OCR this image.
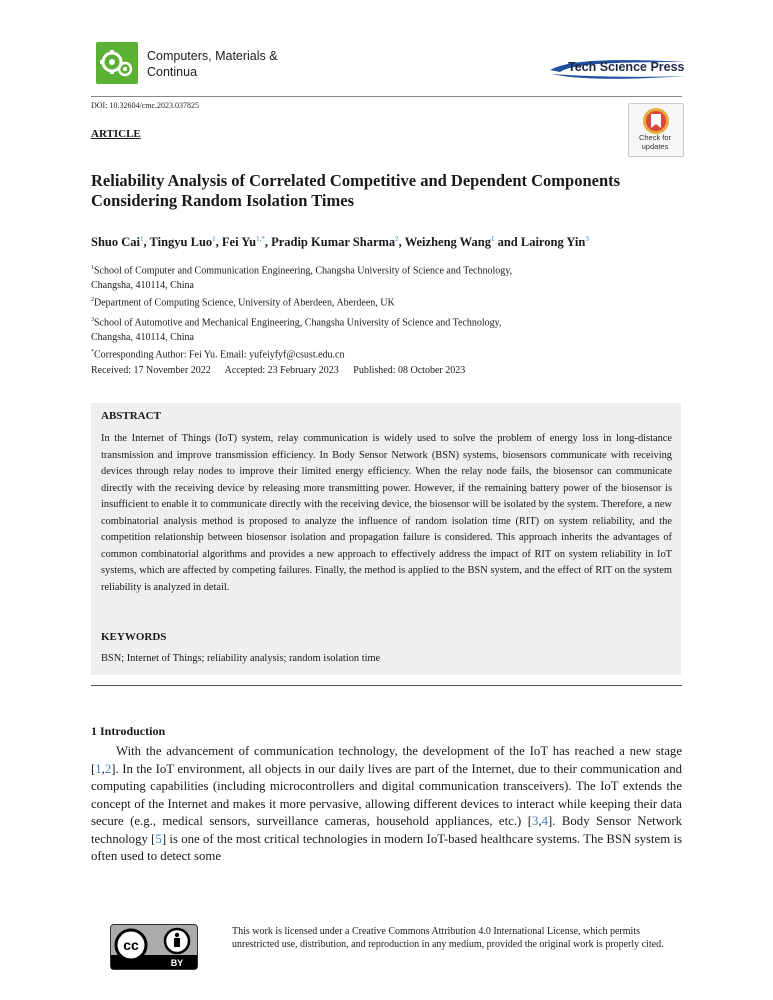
Computers, Materials &
Continua	Tech Science Press
DOI: 10.32604/cmc.2023.037825
ARTICLE	Check for
updates
Reliability Analysis of Correlated Competitive and Dependent Components
Considering Random Isolation Times
Shuo Cai$^1$, Tingyu Luo$^1$, Fei $Yu^{1,*}$, Pradip Kumar Sharma$^2$, Weizheng Wang$^1$ and Lairong Yin$^3$
$^1$School of Computer and Communication Engineering, Changsha University of Science and Technology,
Changsha, 410114, China
$^2$Department of Computing Science, University of Aberdeen, Aberdeen, UK
$^3$School of Automotive and Mechanical Engineering, Changsha University of Science and Technology,
Changsha, 410114, China
*Corresponding Author: Fei Yu. Email: yufeiyfyf@csust.edu.cn
Received: 17 November 2022 Accepted: 23 February 2023 Published: 08 October 2023
ABSTRACT
In the Internet of Things (IoT) system, relay communication is widely used to solve the problem of energy loss in long-distance transmission and improve transmission efficiency. In Body Sensor Network (BSN) systems, biosensors communicate with receiving devices through relay nodes to improve their limited energy efficiency. When the relay node fails, the biosensor can communicate directly with the receiving device by releasing more transmitting power. However, if the remaining battery power of the biosensor is insufficient to enable it to communicate directly with the receiving device, the biosensor will be isolated by the system. Therefore, a new combinatorial analysis method is proposed to analyze the influence of random isolation time (RIT) on system reliability, and the competition relationship between biosensor isolation and propagation failure is considered. This approach inherits the advantages of common combinatorial algorithms and provides a new approach to effectively address the impact of RIT on system reliability in IoT systems, which are affected by competing failures. Finally, the method is applied to the BSN system, and the effect of RIT on the system reliability is analyzed in detail.
KEYWORDS
BSN; Internet of Things; reliability analysis; random isolation time
1 Introduction
With the advancement of communication technology, the development of the IoT has reached a new stage [1,2]. In the IoT environment, all objects in our daily lives are part of the Internet, due to their communication and computing capabilities (including microcontrollers and digital communication transceivers). The IoT extends the concept of the Internet and makes it more pervasive, allowing different devices to interact while keeping their data secure (e.g., medical sensors, surveillance cameras, household appliances, etc.) [3,4]. Body Sensor Network technology [5] is one of the most critical technologies in modern IoT-based healthcare systems. The BSN system is often used to detect some
cc
BY
This work is licensed under a Creative Commons Attribution 4.0 International License, which permits unrestricted use, distribution, and reproduction in any medium, provided the original work is properly cited.
